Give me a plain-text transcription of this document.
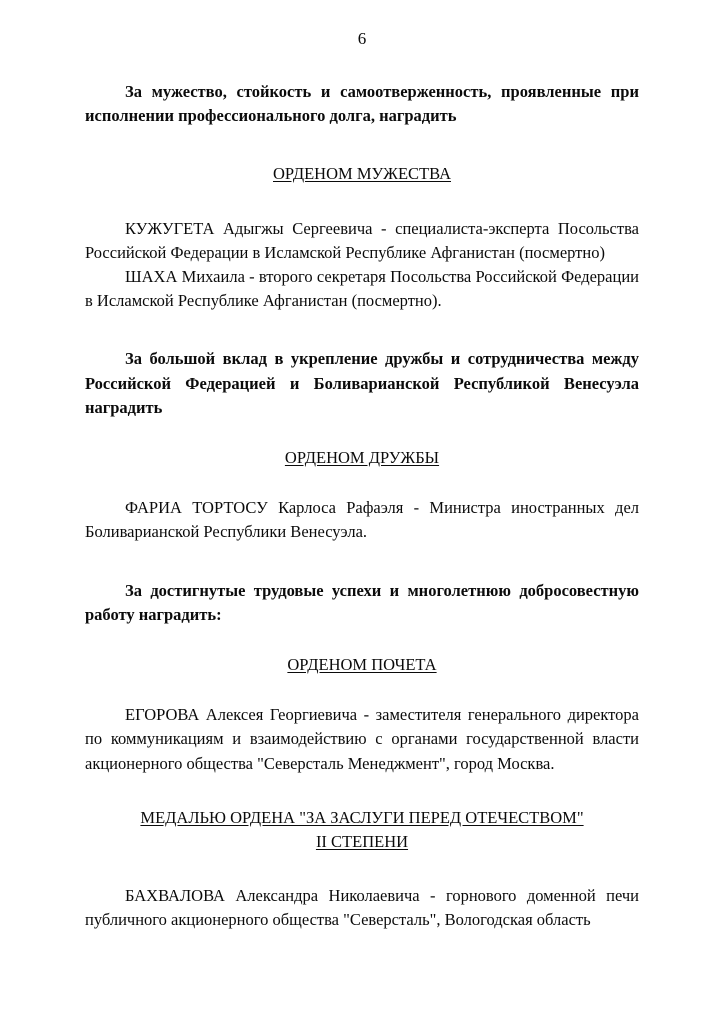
6

За мужество, стойкость и самоотверженность, проявленные при исполнении профессионального долга, наградить

ОРДЕНОМ МУЖЕСТВА

КУЖУГЕТА Адыгжы Сергеевича - специалиста-эксперта Посольства Российской Федерации в Исламской Республике Афганистан (посмертно)

ШАХА Михаила - второго секретаря Посольства Российской Федерации в Исламской Республике Афганистан (посмертно).

За большой вклад в укрепление дружбы и сотрудничества между Российской Федерацией и Боливарианской Республикой Венесуэла наградить

ОРДЕНОМ ДРУЖБЫ

ФАРИА ТОРТОСУ Карлоса Рафаэля - Министра иностранных дел Боливарианской Республики Венесуэла.

За достигнутые трудовые успехи и многолетнюю добросовестную работу наградить:

ОРДЕНОМ ПОЧЕТА

ЕГОРОВА Алексея Георгиевича - заместителя генерального директора по коммуникациям и взаимодействию с органами государственной власти акционерного общества "Северсталь Менеджмент", город Москва.

МЕДАЛЬЮ ОРДЕНА "ЗА ЗАСЛУГИ ПЕРЕД ОТЕЧЕСТВОМ"
II СТЕПЕНИ

БАХВАЛОВА Александра Николаевича - горнового доменной печи публичного акционерного общества "Северсталь", Вологодская область
